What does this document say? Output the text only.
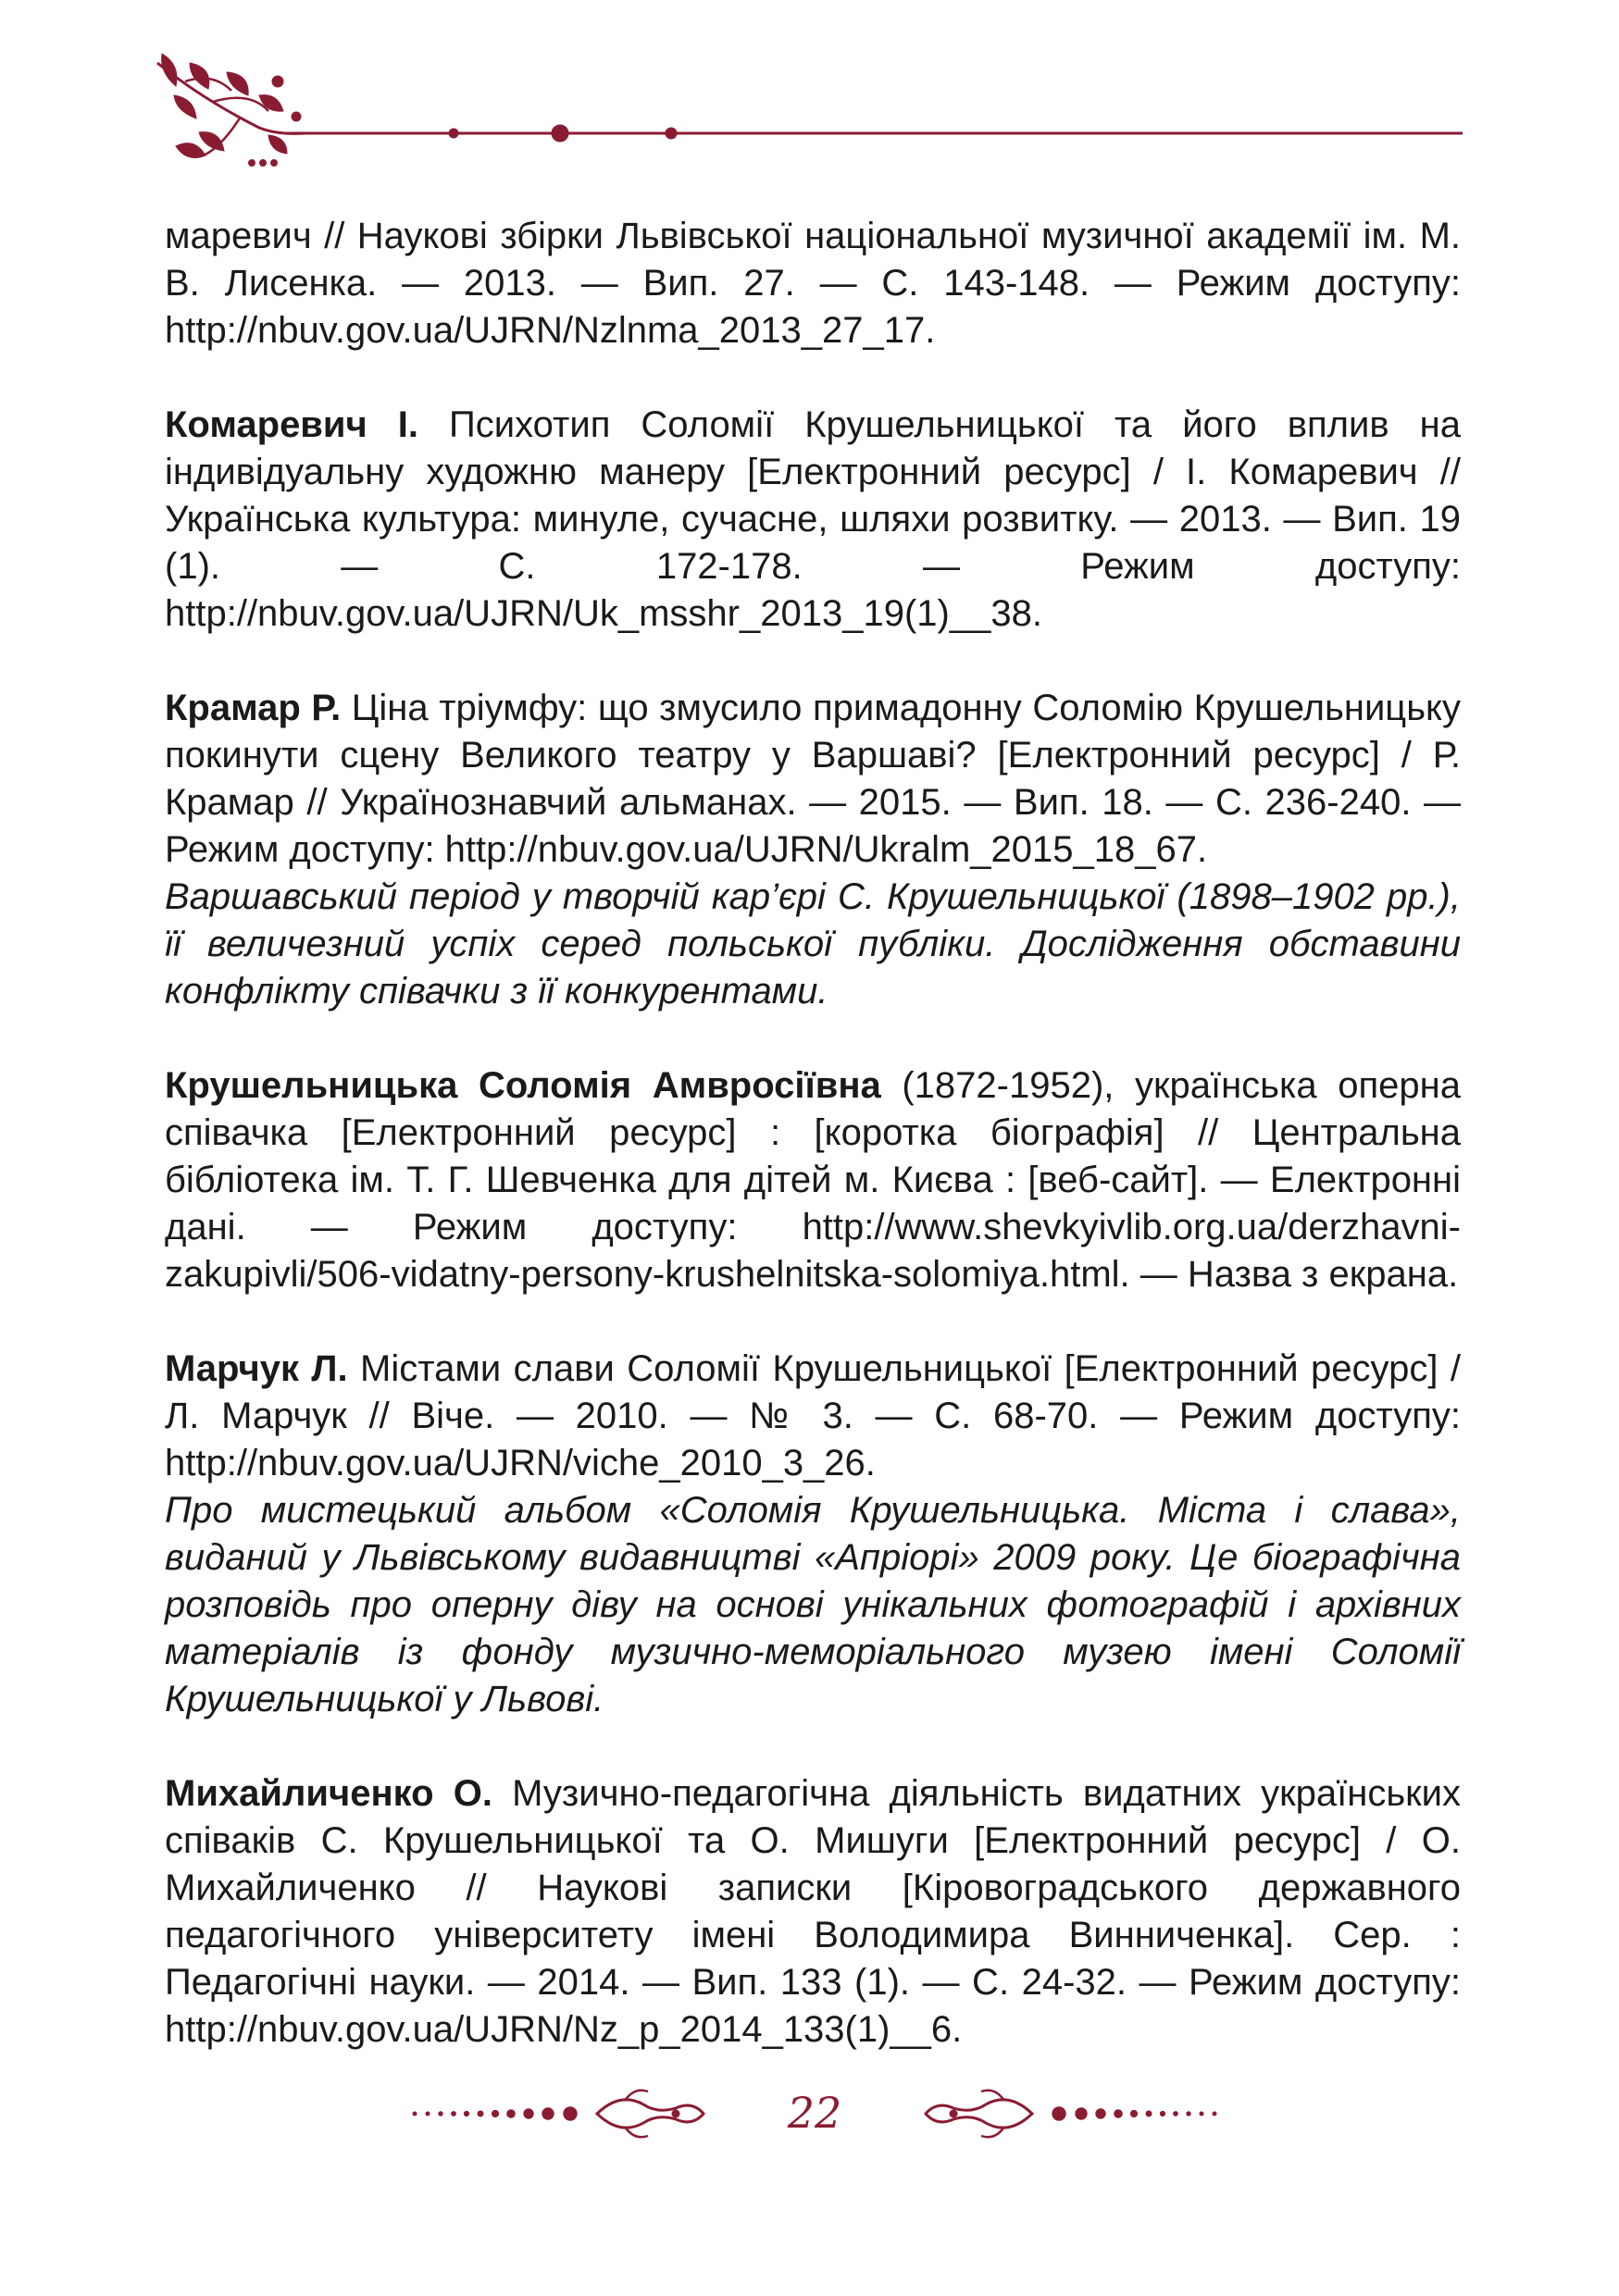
маревич // Наукові збірки Львівської національної музичної академії ім. М. В. Лисенка. — 2013. — Вип. 27. — С. 143-148. — Режим доступу: http://nbuv.gov.ua/UJRN/Nzlnma_2013_27_17.

Комаревич І. Психотип Соломії Крушельницької та його вплив на індивідуальну художню манеру [Електронний ресурс] / І. Комаревич // Українська культура: минуле, сучасне, шляхи розвитку. — 2013. — Вип. 19 (1). — С. 172-178. — Режим доступу: http://nbuv.gov.ua/UJRN/Uk_msshr_2013_19(1)__38.

Крамар Р. Ціна тріумфу: що змусило примадонну Соломію Крушельницьку покинути сцену Великого театру у Варшаві? [Електронний ресурс] / Р. Крамар // Українознавчий альманах. — 2015. — Вип. 18. — С. 236-240. — Режим доступу: http://nbuv.gov.ua/UJRN/Ukralm_2015_18_67.

Варшавський період у творчій кар’єрі С. Крушельницької (1898–1902 рр.), її величезний успіх серед польської публіки. Дослідження обставини конфлікту співачки з її конкурентами.

Крушельницька Соломія Амвросіївна (1872-1952), українська оперна співачка [Електронний ресурс] : [коротка біографія] // Центральна бібліотека ім. Т. Г. Шевченка для дітей м. Києва : [веб-сайт]. — Електронні дані. — Режим доступу: http://www.shevkyivlib.org.ua/derzhavni-zakupivli/506-vidatny-persony-krushelnitska-solomiya.html. — Назва з екрана.

Марчук Л. Містами слави Соломії Крушельницької [Електронний ресурс] / Л. Марчук // Віче. — 2010. — № 3. — С. 68-70. — Режим доступу: http://nbuv.gov.ua/UJRN/viche_2010_3_26.

Про мистецький альбом «Соломія Крушельницька. Міста і слава», виданий у Львівському видавництві «Апріорі» 2009 року. Це біографічна розповідь про оперну діву на основі унікальних фотографій і архівних матеріалів із фонду музично-меморіального музею імені Соломії Крушельницької у Львові.

Михайличенко О. Музично-педагогічна діяльність видатних українських співаків С. Крушельницької та О. Мишуги [Електронний ресурс] / О. Михайличенко // Наукові записки [Кіровоградського державного педагогічного університету імені Володимира Винниченка]. Сер. : Педагогічні науки. — 2014. — Вип. 133 (1). — С. 24-32. — Режим доступу: http://nbuv.gov.ua/UJRN/Nz_p_2014_133(1)__6.

22
